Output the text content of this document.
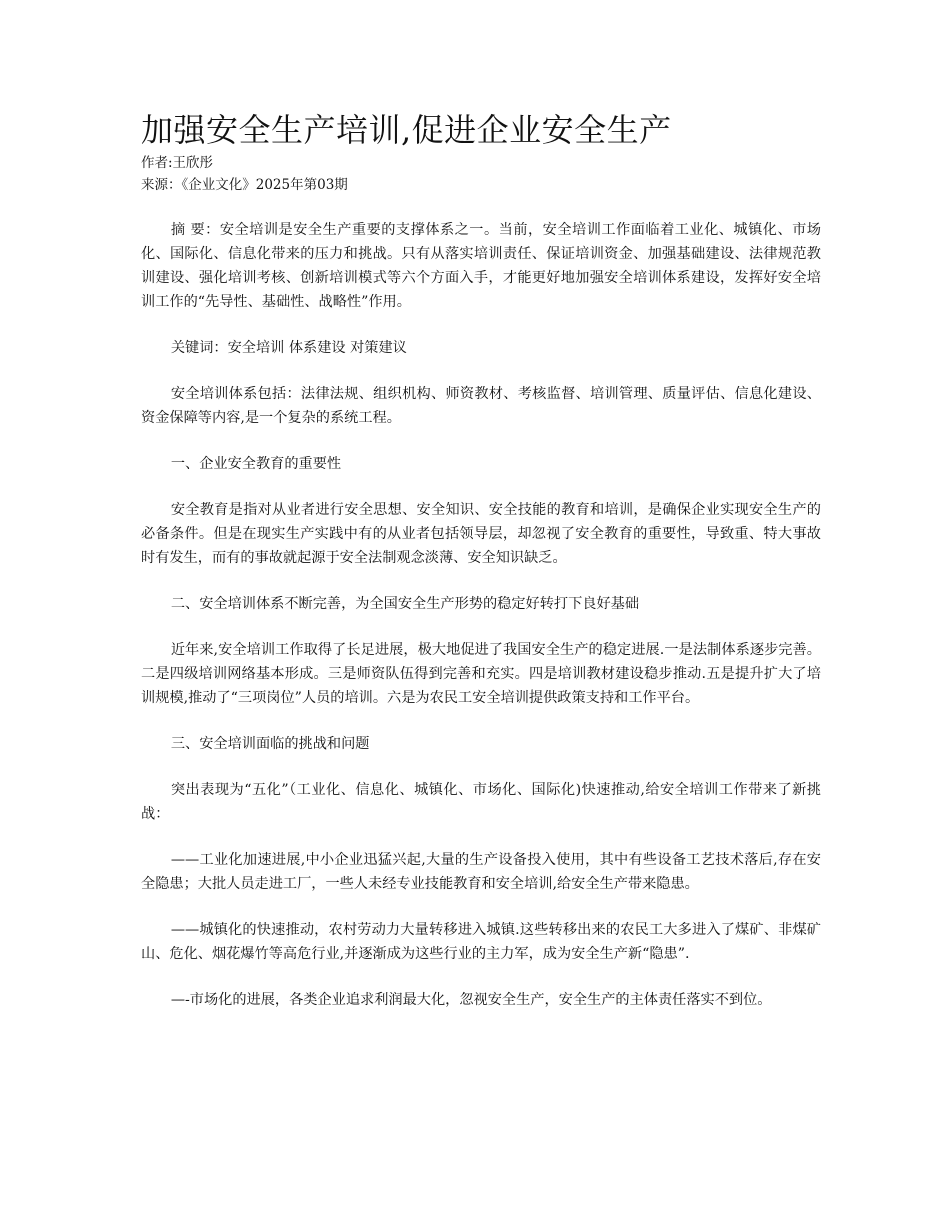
加强安全生产培训,促进企业安全生产

作者:王欣彤

来源：《企业文化》2025年第03期

摘 要：安全培训是安全生产重要的支撑体系之一。当前，安全培训工作面临着工业化、城镇化、市场化、国际化、信息化带来的压力和挑战。只有从落实培训责任、保证培训资金、加强基础建设、法律规范教训建设、强化培训考核、创新培训模式等六个方面入手，才能更好地加强安全培训体系建设，发挥好安全培训工作的“先导性、基础性、战略性”作用。

关键词：安全培训 体系建设 对策建议

安全培训体系包括：法律法规、组织机构、师资教材、考核监督、培训管理、质量评估、信息化建设、资金保障等内容,是一个复杂的系统工程。

一、企业安全教育的重要性

安全教育是指对从业者进行安全思想、安全知识、安全技能的教育和培训，是确保企业实现安全生产的必备条件。但是在现实生产实践中有的从业者包括领导层，却忽视了安全教育的重要性，导致重、特大事故时有发生，而有的事故就起源于安全法制观念淡薄、安全知识缺乏。

二、安全培训体系不断完善，为全国安全生产形势的稳定好转打下良好基础

近年来,安全培训工作取得了长足进展，极大地促进了我国安全生产的稳定进展.一是法制体系逐步完善。二是四级培训网络基本形成。三是师资队伍得到完善和充实。四是培训教材建设稳步推动.五是提升扩大了培训规模,推动了“三项岗位”人员的培训。六是为农民工安全培训提供政策支持和工作平台。

三、安全培训面临的挑战和问题

突出表现为“五化”（工业化、信息化、城镇化、市场化、国际化)快速推动,给安全培训工作带来了新挑战：

——工业化加速进展,中小企业迅猛兴起,大量的生产设备投入使用，其中有些设备工艺技术落后,存在安全隐患；大批人员走进工厂，一些人未经专业技能教育和安全培训,给安全生产带来隐患。

——城镇化的快速推动，农村劳动力大量转移进入城镇.这些转移出来的农民工大多进入了煤矿、非煤矿山、危化、烟花爆竹等高危行业,并逐渐成为这些行业的主力军，成为安全生产新“隐患”.

—-市场化的进展，各类企业追求利润最大化，忽视安全生产，安全生产的主体责任落实不到位。
